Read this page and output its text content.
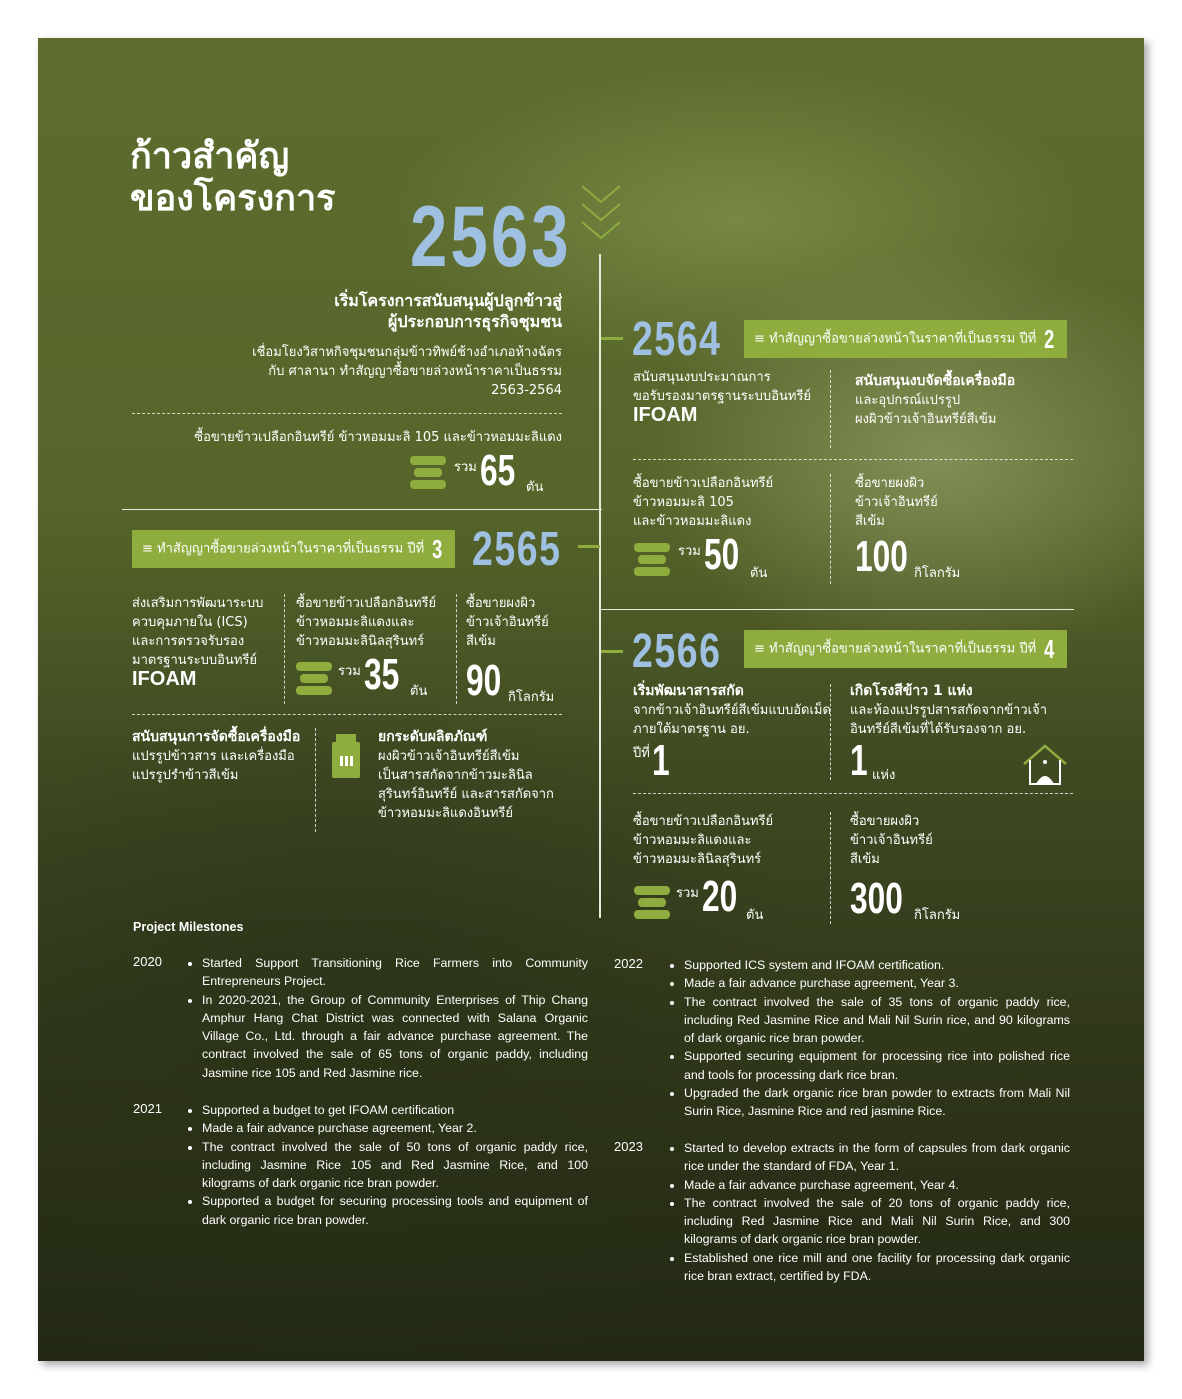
ก้าวสำคัญ
ของโครงการ 2563
เริ่มโครงการสนับสนุนผู้ปลูกข้าวสู่
ผู้ประกอบการธุรกิจชุมชน
เชื่อมโยงวิสาหกิจชุมชนกลุ่มข้าวทิพย์ช้างอำเภอห้างฉัตร
กับ ศาลานา ทำสัญญาซื้อขายล่วงหน้าราคาเป็นธรรม
2563-2564
ซื้อขายข้าวเปลือกอินทรีย์ ข้าวหอมมะลิ 105 และข้าวหอมมะลิแดง
รวม 65 ตัน
2564	≡ ทำสัญญาซื้อขายล่วงหน้าในราคาที่เป็นธรรม ปีที่ 2
สนับสนุนงบประมาณการ
ขอรับรองมาตรฐานระบบอินทรีย์
IFOAM
สนับสนุนงบจัดซื้อเครื่องมือ
และอุปกรณ์แปรรูป
ผงผิวข้าวเจ้าอินทรีย์สีเข้ม
ซื้อขายข้าวเปลือกอินทรีย์
ข้าวหอมมะลิ 105
และข้าวหอมมะลิแดง
รวม 50 ตัน
ซื้อขายผงผิว
ข้าวเจ้าอินทรีย์
สีเข้ม
100 กิโลกรัม
≡ ทำสัญญาซื้อขายล่วงหน้าในราคาที่เป็นธรรม ปีที่ 3 2565
ส่งเสริมการพัฒนาระบบ
ควบคุมภายใน (ICS)
และการตรวจรับรอง
มาตรฐานระบบอินทรีย์
IFOAM
ซื้อขายข้าวเปลือกอินทรีย์
ข้าวหอมมะลิแดงและ
ข้าวหอมมะลินิลสุรินทร์
รวม 35 ตัน
ซื้อขายผงผิว
ข้าวเจ้าอินทรีย์
สีเข้ม
90 กิโลกรัม
สนับสนุนการจัดซื้อเครื่องมือ
แปรรูปข้าวสาร และเครื่องมือ
แปรรูปรำข้าวสีเข้ม
ยกระดับผลิตภัณฑ์
ผงผิวข้าวเจ้าอินทรีย์สีเข้ม
เป็นสารสกัดจากข้าวมะลินิล
สุรินทร์อินทรีย์ และสารสกัดจาก
ข้าวหอมมะลิแดงอินทรีย์
2566	≡ ทำสัญญาซื้อขายล่วงหน้าในราคาที่เป็นธรรม ปีที่ 4
เริ่มพัฒนาสารสกัด
จากข้าวเจ้าอินทรีย์สีเข้มแบบอัดเม็ด
ภายใต้มาตรฐาน อย.
ปีที่ 1
เกิดโรงสีข้าว 1 แห่ง
และห้องแปรรูปสารสกัดจากข้าวเจ้า
อินทรีย์สีเข้มที่ได้รับรองจาก อย.
1 แห่ง
ซื้อขายข้าวเปลือกอินทรีย์
ข้าวหอมมะลิแดงและ
ข้าวหอมมะลินิลสุรินทร์
รวม 20 ตัน
ซื้อขายผงผิว
ข้าวเจ้าอินทรีย์
สีเข้ม
300 กิโลกรัม
Project Milestones
2020	• Started Support Transitioning Rice Farmers into Community Entrepreneurs Project.
• In 2020-2021, the Group of Community Enterprises of Thip Chang Amphur Hang Chat District was connected with Salana Organic Village Co., Ltd. through a fair advance purchase agreement. The contract involved the sale of 65 tons of organic paddy, including Jasmine rice 105 and Red Jasmine rice.
2021	• Supported a budget to get IFOAM certification
• Made a fair advance purchase agreement, Year 2.
• The contract involved the sale of 50 tons of organic paddy rice, including Jasmine Rice 105 and Red Jasmine Rice, and 100 kilograms of dark organic rice bran powder.
• Supported a budget for securing processing tools and equipment of dark organic rice bran powder.
2022	• Supported ICS system and IFOAM certification.
• Made a fair advance purchase agreement, Year 3.
• The contract involved the sale of 35 tons of organic paddy rice, including Red Jasmine Rice and Mali Nil Surin rice, and 90 kilograms of dark organic rice bran powder.
• Supported securing equipment for processing rice into polished rice and tools for processing dark rice bran.
• Upgraded the dark organic rice bran powder to extracts from Mali Nil Surin Rice, Jasmine Rice and red jasmine Rice.
2023	• Started to develop extracts in the form of capsules from dark organic rice under the standard of FDA, Year 1.
• Made a fair advance purchase agreement, Year 4.
• The contract involved the sale of 20 tons of organic paddy rice, including Red Jasmine Rice and Mali Nil Surin Rice, and 300 kilograms of dark organic rice bran powder.
• Established one rice mill and one facility for processing dark organic rice bran extract, certified by FDA.
